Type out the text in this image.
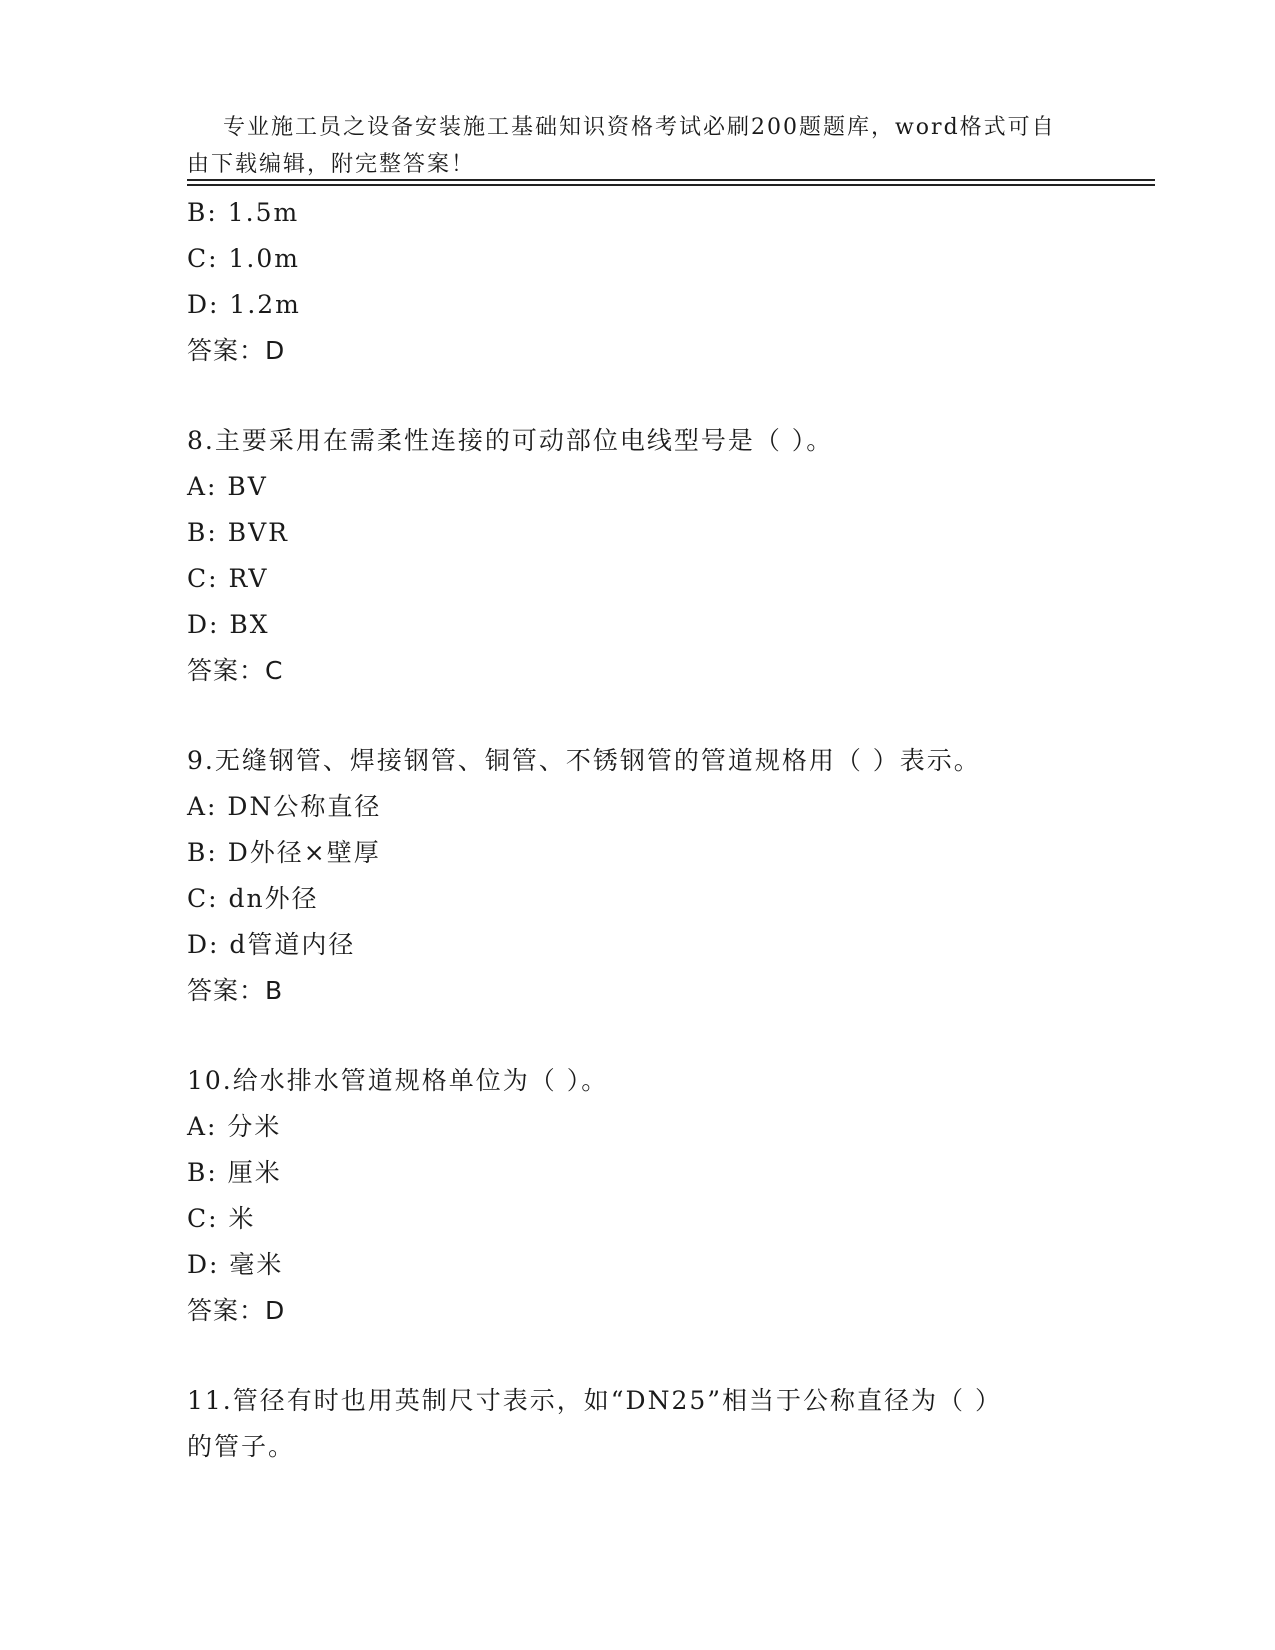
专业施工员之设备安装施工基础知识资格考试必刷200题题库，word格式可自由下载编辑，附完整答案！

B: 1.5m
C: 1.0m
D: 1.2m
答案：D
8.主要采用在需柔性连接的可动部位电线型号是（ ）。
A: BV
B: BVR
C: RV
D: BX
答案：C
9.无缝钢管、焊接钢管、铜管、不锈钢管的管道规格用（ ）表示。
A: DN公称直径
B: D外径×壁厚
C: dn外径
D: d管道内径
答案：B
10.给水排水管道规格单位为（ ）。
A: 分米
B: 厘米
C: 米
D: 毫米
答案：D
11.管径有时也用英制尺寸表示，如“DN25”相当于公称直径为（ ）
的管子。
